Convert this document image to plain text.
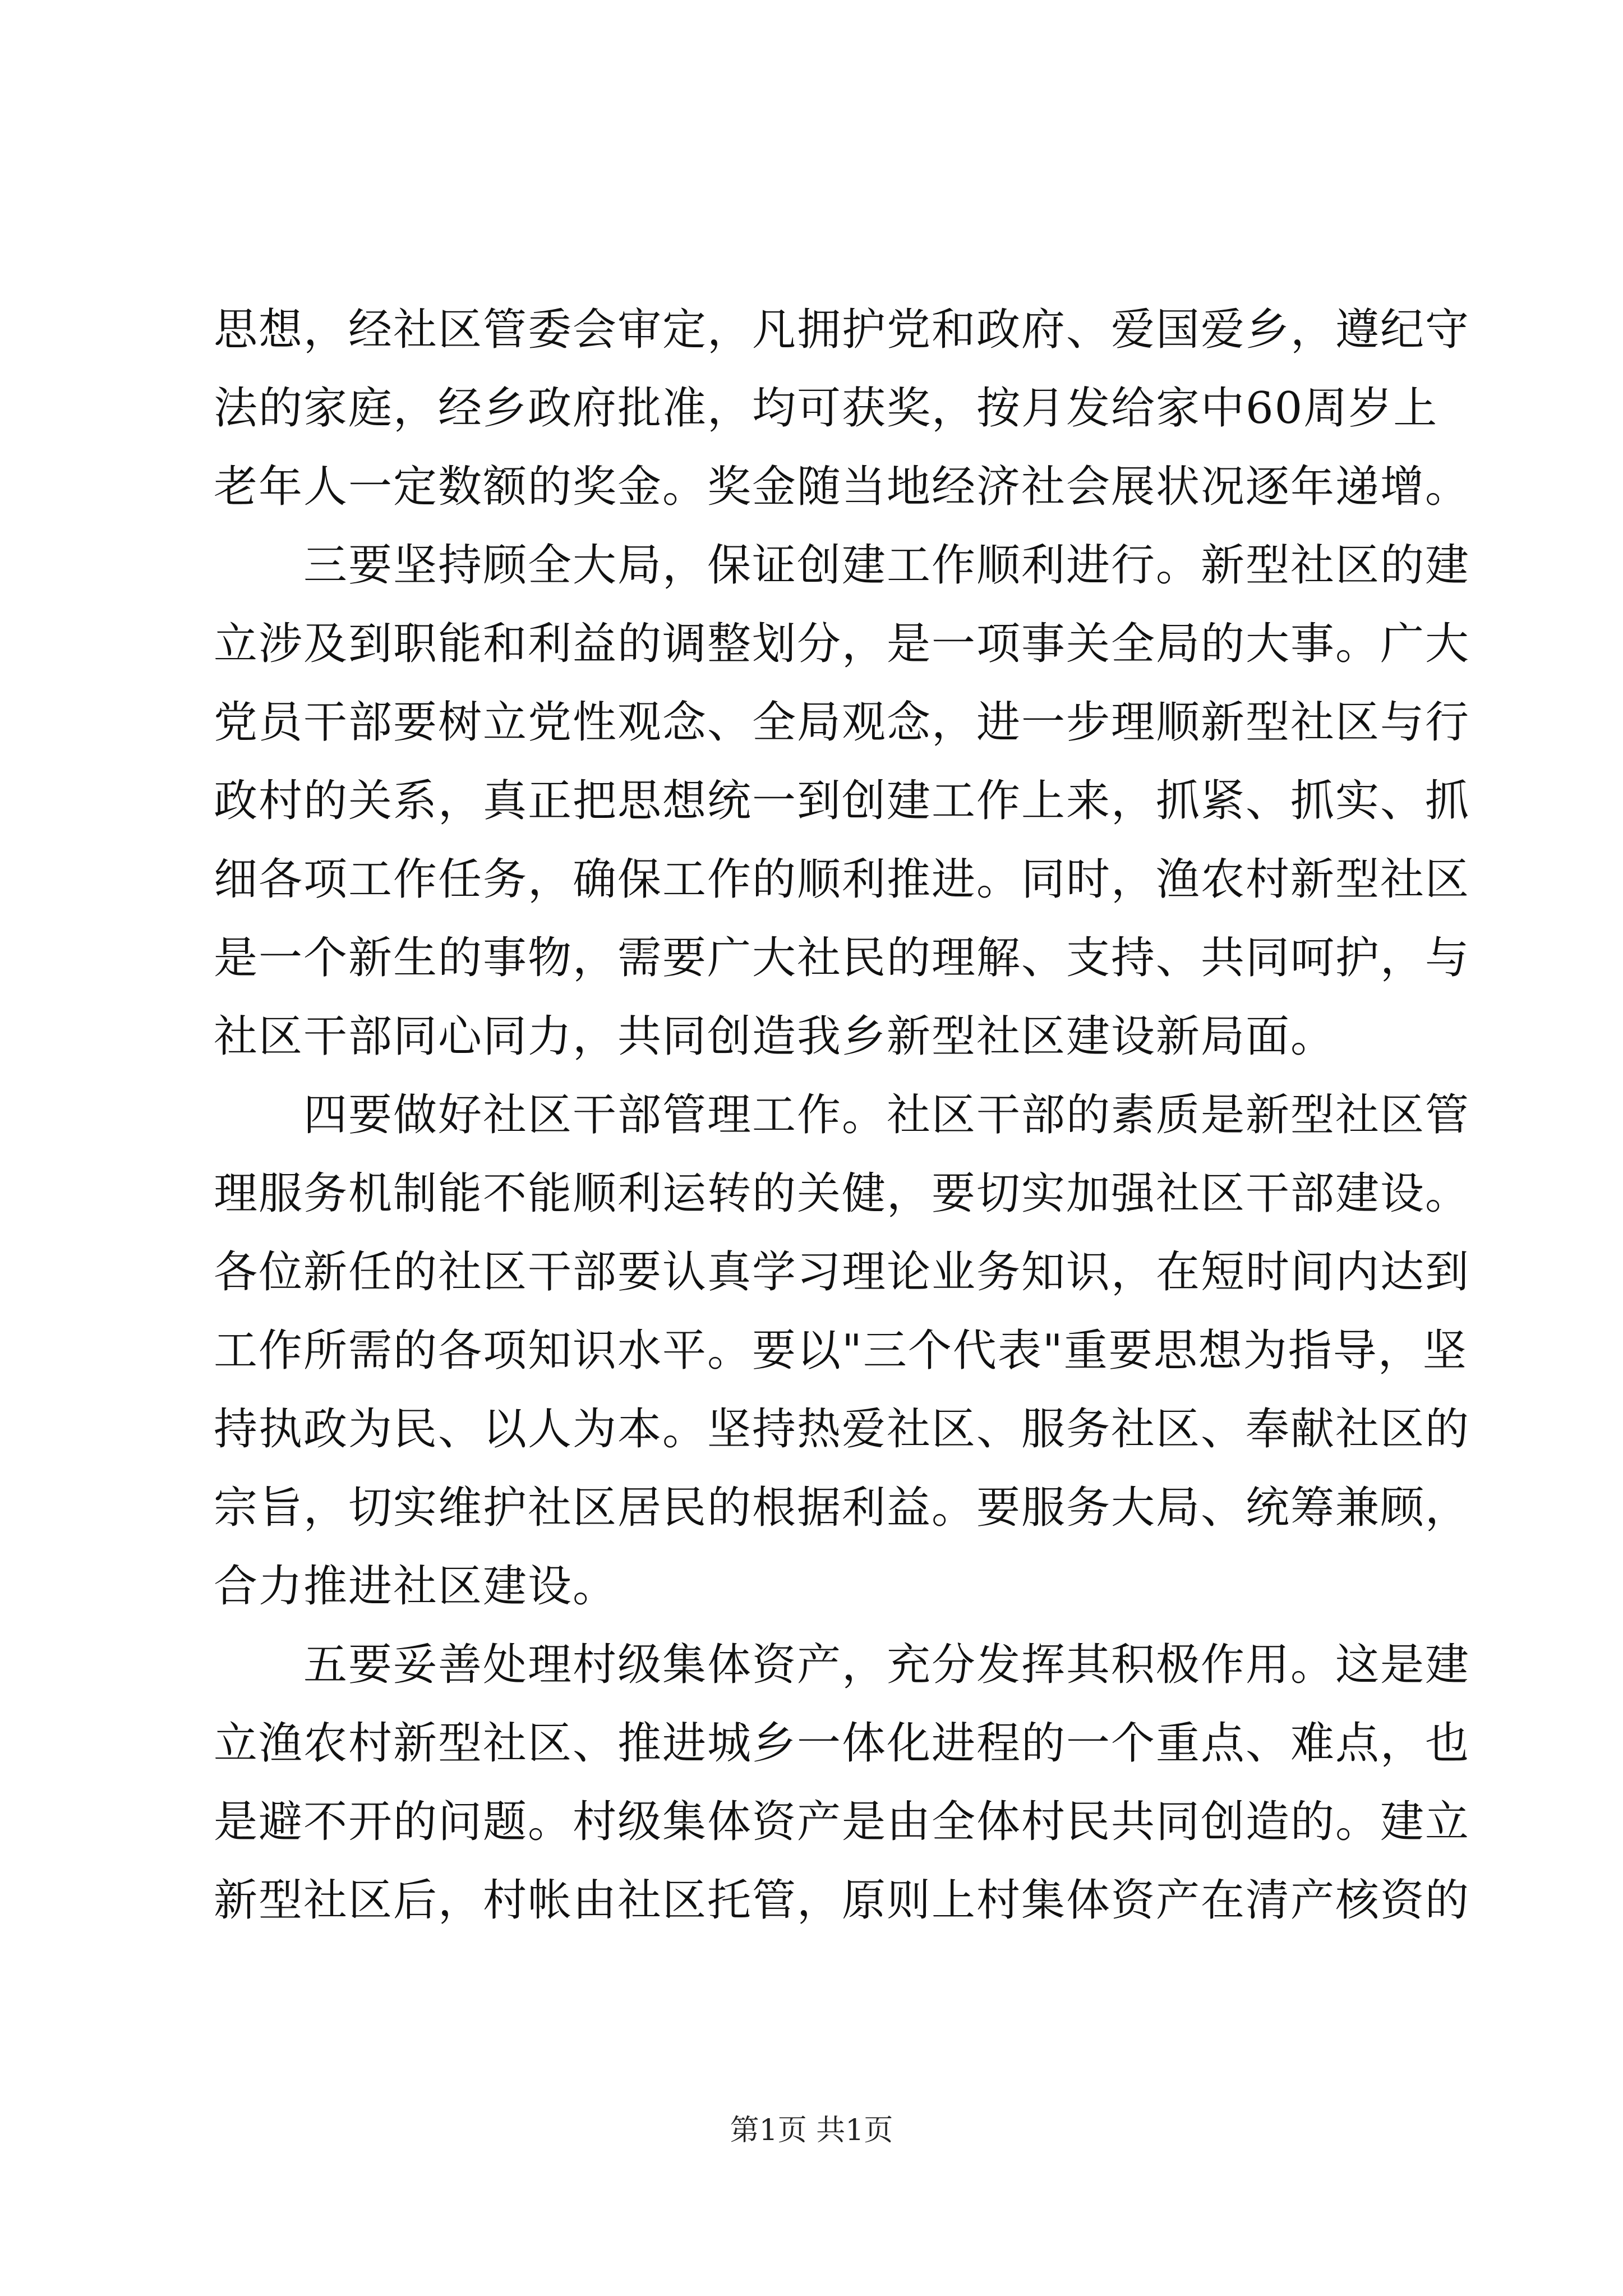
思想，经社区管委会审定，凡拥护党和政府、爱国爱乡，遵纪守
法的家庭，经乡政府批准，均可获奖，按月发给家中60周岁上
老年人一定数额的奖金。奖金随当地经济社会展状况逐年递增。
三要坚持顾全大局，保证创建工作顺利进行。新型社区的建
立涉及到职能和利益的调整划分，是一项事关全局的大事。广大
党员干部要树立党性观念、全局观念，进一步理顺新型社区与行
政村的关系，真正把思想统一到创建工作上来，抓紧、抓实、抓
细各项工作任务，确保工作的顺利推进。同时，渔农村新型社区
是一个新生的事物，需要广大社民的理解、支持、共同呵护，与
社区干部同心同力，共同创造我乡新型社区建设新局面。
四要做好社区干部管理工作。社区干部的素质是新型社区管
理服务机制能不能顺利运转的关健，要切实加强社区干部建设。
各位新任的社区干部要认真学习理论业务知识，在短时间内达到
工作所需的各项知识水平。要以"三个代表"重要思想为指导，坚
持执政为民、以人为本。坚持热爱社区、服务社区、奉献社区的
宗旨，切实维护社区居民的根据利益。要服务大局、统筹兼顾，
合力推进社区建设。
五要妥善处理村级集体资产，充分发挥其积极作用。这是建
立渔农村新型社区、推进城乡一体化进程的一个重点、难点，也
是避不开的问题。村级集体资产是由全体村民共同创造的。建立
新型社区后，村帐由社区托管，原则上村集体资产在清产核资的
第1页 共1页
